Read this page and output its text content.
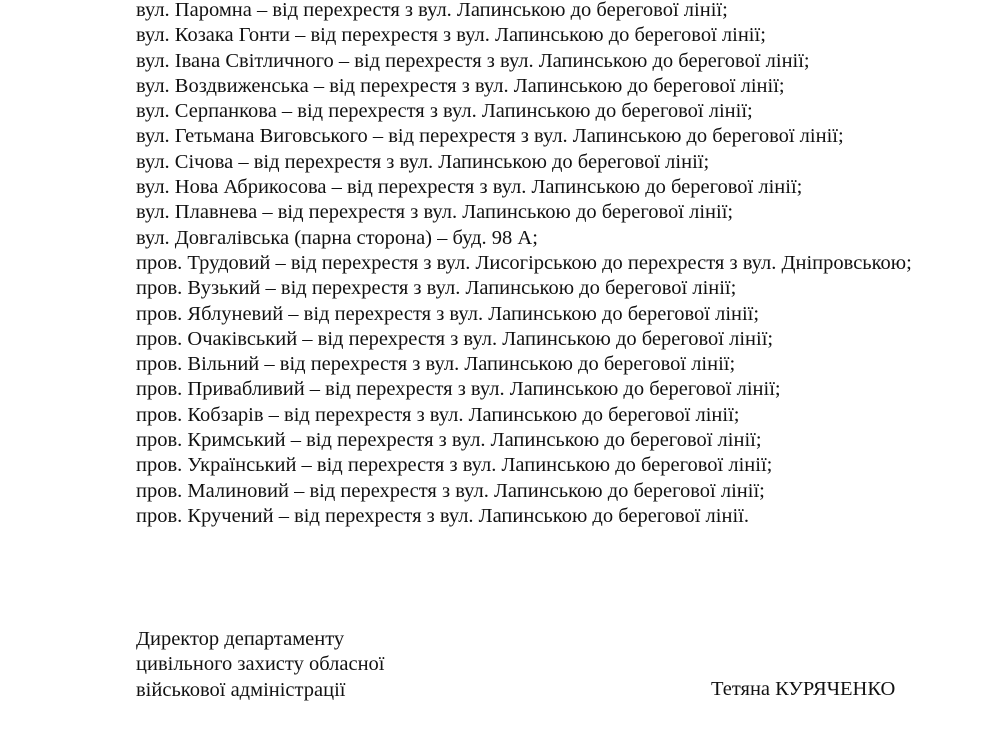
вул. Паромна – від перехрестя з вул. Лапинською до берегової лінії;

вул. Козака Гонти – від перехрестя з вул. Лапинською до берегової лінії;

вул. Івана Світличного – від перехрестя з вул. Лапинською до берегової лінії;

вул. Воздвиженська – від перехрестя з вул. Лапинською до берегової лінії;

вул. Серпанкова – від перехрестя з вул. Лапинською до берегової лінії;

вул. Гетьмана Виговського – від перехрестя з вул. Лапинською до берегової лінії;

вул. Січова – від перехрестя з вул. Лапинською до берегової лінії;

вул. Нова Абрикосова – від перехрестя з вул. Лапинською до берегової лінії;

вул. Плавнева – від перехрестя з вул. Лапинською до берегової лінії;

вул. Довгалівська (парна сторона) – буд. 98 А;

пров. Трудовий – від перехрестя з вул. Лисогірською до перехрестя з вул. Дніпровською;

пров. Вузький – від перехрестя з вул. Лапинською до берегової лінії;

пров. Яблуневий – від перехрестя з вул. Лапинською до берегової лінії;

пров. Очаківський – від перехрестя з вул. Лапинською до берегової лінії;

пров. Вільний – від перехрестя з вул. Лапинською до берегової лінії;

пров. Привабливий – від перехрестя з вул. Лапинською до берегової лінії;

пров. Кобзарів – від перехрестя з вул. Лапинською до берегової лінії;

пров. Кримський – від перехрестя з вул. Лапинською до берегової лінії;

пров. Український – від перехрестя з вул. Лапинською до берегової лінії;

пров. Малиновий – від перехрестя з вул. Лапинською до берегової лінії;

пров. Кручений – від перехрестя з вул. Лапинською до берегової лінії.

Директор департаменту

цивільного захисту обласної

військової адміністрації	Тетяна КУРЯЧЕНКО
